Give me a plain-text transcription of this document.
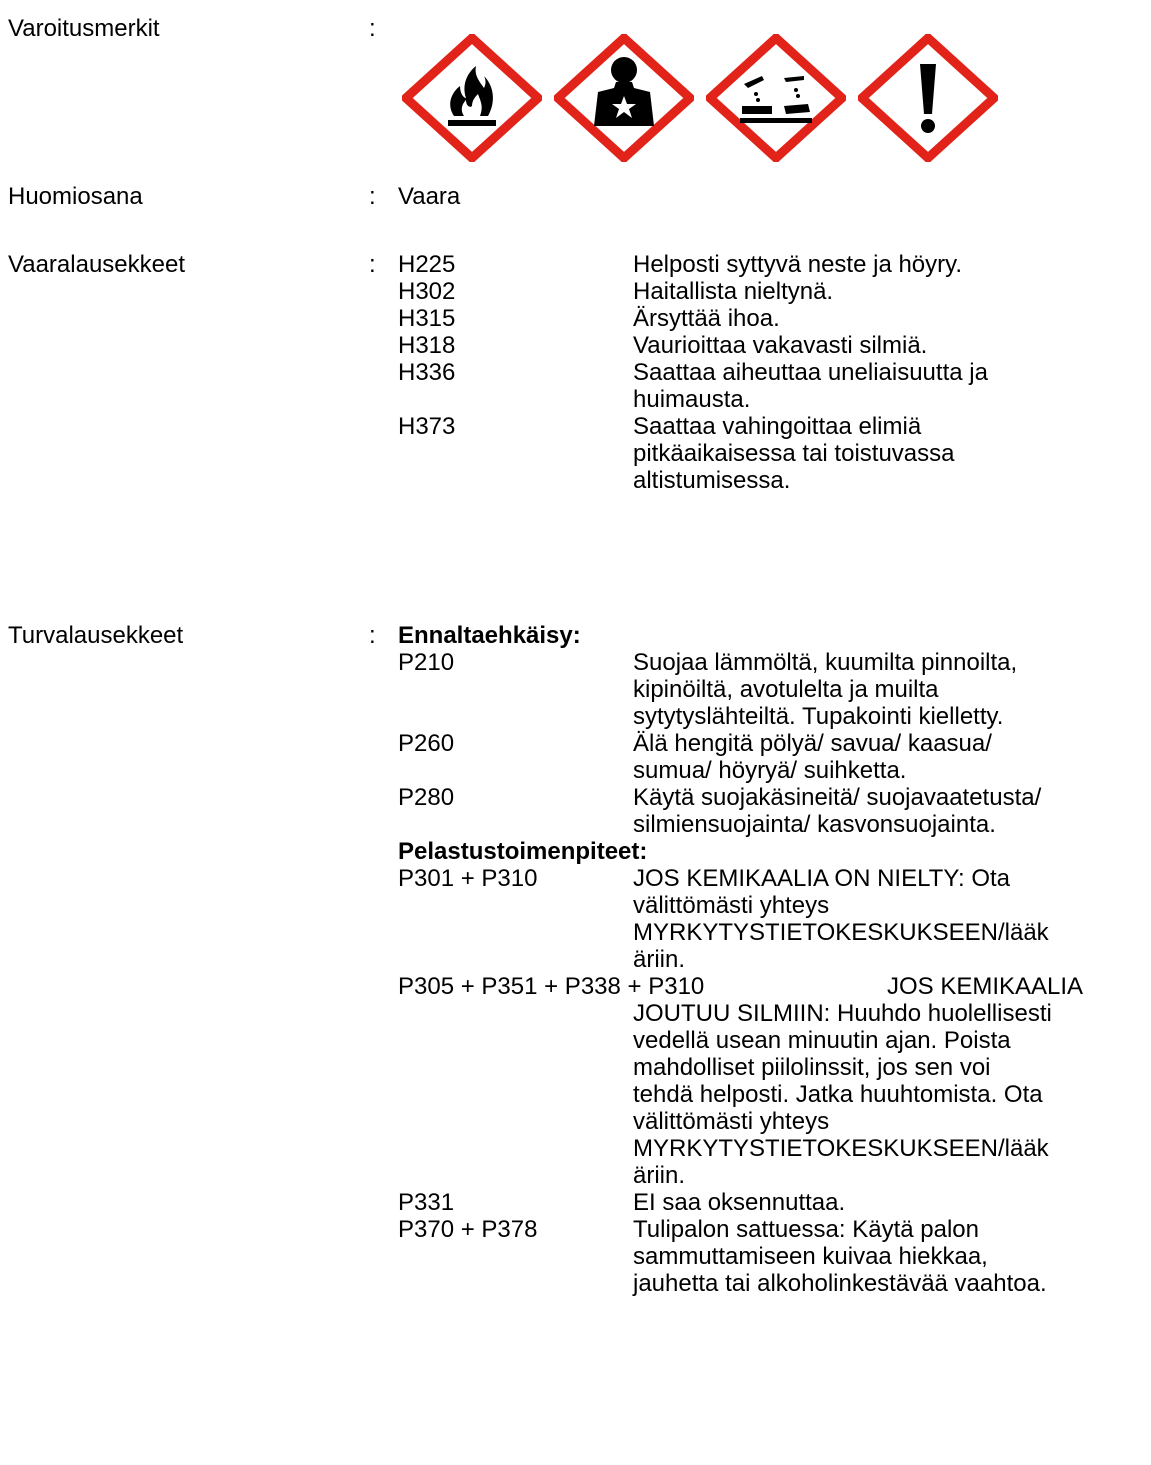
Varoitusmerkit	:
Huomiosana	: Vaara
Vaaralausekkeet	: H225	Helposti syttyvä neste ja höyry.
H302	Haitallista nieltynä.
H315	Ärsyttää ihoa.
H318	Vaurioittaa vakavasti silmiä.
H336	Saattaa aiheuttaa uneliaisuutta ja
huimausta.
H373	Saattaa vahingoittaa elimiä
pitkäaikaisessa tai toistuvassa
altistumisessa.
Turvalausekkeet	: Ennaltaehkäisy:
P210	Suojaa lämmöltä, kuumilta pinnoilta,
kipinöiltä, avotulelta ja muilta
sytytyslähteiltä. Tupakointi kielletty.
P260	Älä hengitä pölyä/ savua/ kaasua/
sumua/ höyryä/ suihketta.
P280	Käytä suojakäsineitä/ suojavaatetusta/
silmiensuojainta/ kasvonsuojainta.
Pelastustoimenpiteet:
P301 + P310	JOS KEMIKAALIA ON NIELTY: Ota
välittömästi yhteys
MYRKYTYSTIETOKESKUKSEEN/lääk
äriin.
P305 + P351 + P338 + P310	JOS KEMIKAALIA
JOUTUU SILMIIN: Huuhdo huolellisesti
vedellä usean minuutin ajan. Poista
mahdolliset piilolinssit, jos sen voi
tehdä helposti. Jatka huuhtomista. Ota
välittömästi yhteys
MYRKYTYSTIETOKESKUKSEEN/lääk
äriin.
P331	EI saa oksennuttaa.
P370 + P378	Tulipalon sattuessa: Käytä palon
sammuttamiseen kuivaa hiekkaa,
jauhetta tai alkoholinkestävää vaahtoa.
